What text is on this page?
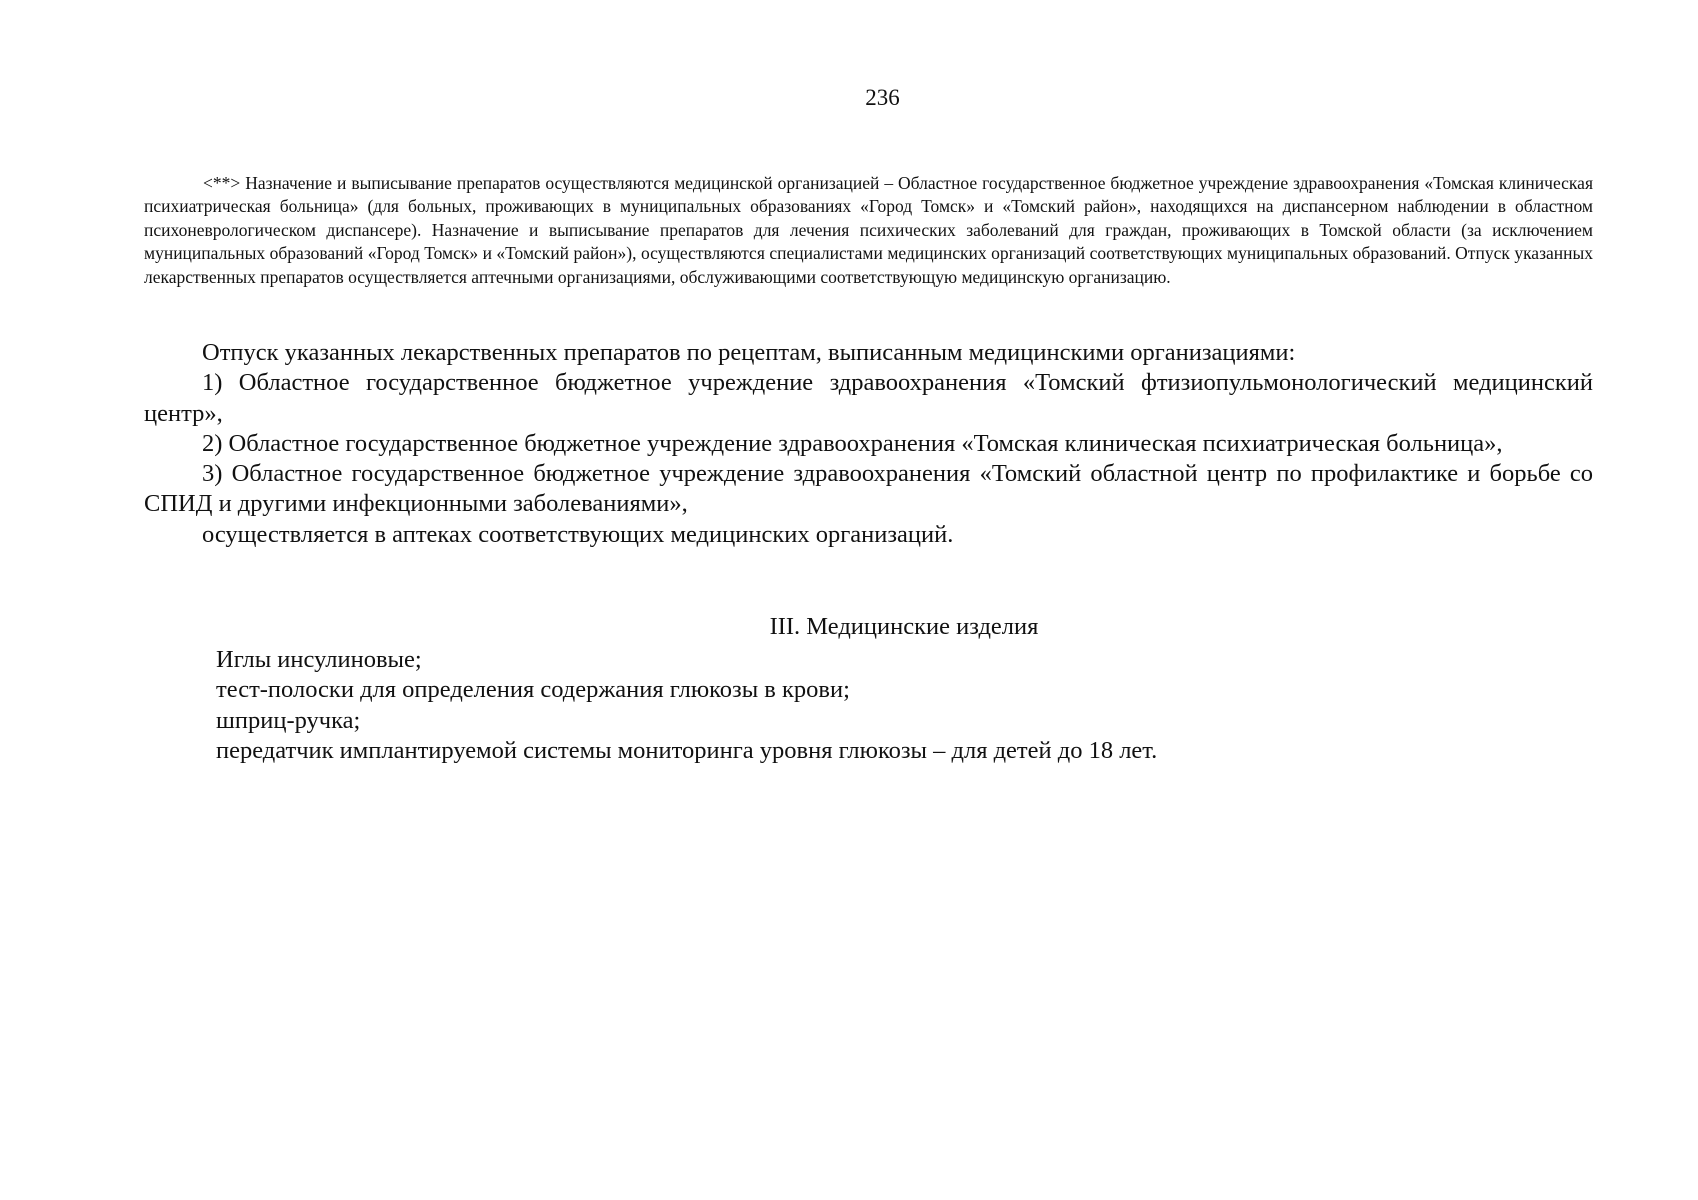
236

<**> Назначение и выписывание препаратов осуществляются медицинской организацией – Областное государственное бюджетное учреждение здравоохранения «Томская клиническая психиатрическая больница» (для больных, проживающих в муниципальных образованиях «Город Томск» и «Томский район», находящихся на диспансерном наблюдении в областном психоневрологическом диспансере). Назначение и выписывание препаратов для лечения психических заболеваний для граждан, проживающих в Томской области (за исключением муниципальных образований «Город Томск» и «Томский район»), осуществляются специалистами медицинских организаций соответствующих муниципальных образований. Отпуск указанных лекарственных препаратов осуществляется аптечными организациями, обслуживающими соответствующую медицинскую организацию.

Отпуск указанных лекарственных препаратов по рецептам, выписанным медицинскими организациями:

1) Областное государственное бюджетное учреждение здравоохранения «Томский фтизиопульмонологический медицинский центр»,

2) Областное государственное бюджетное учреждение здравоохранения «Томская клиническая психиатрическая больница»,

3) Областное государственное бюджетное учреждение здравоохранения «Томский областной центр по профилактике и борьбе со СПИД и другими инфекционными заболеваниями»,

осуществляется в аптеках соответствующих медицинских организаций.

III. Медицинские изделия
Иглы инсулиновые;
тест-полоски для определения содержания глюкозы в крови;
шприц-ручка;
передатчик имплантируемой системы мониторинга уровня глюкозы – для детей до 18 лет.
